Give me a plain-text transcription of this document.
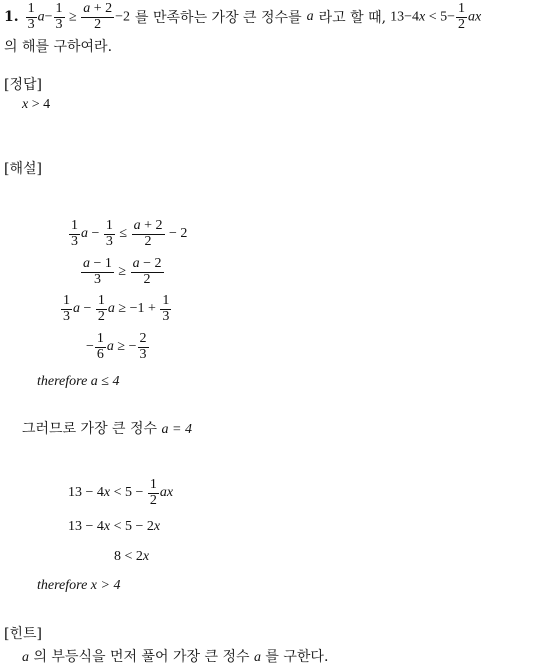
1. $\frac{1}{3} a- \frac{1}{3} \ge \frac{a + 2}{2} -2$ 를 만족하는 가장 큰 정수를 a 라고 할 때, $13-4x < 5- \frac{1}{2}$ ax
의 해를 구하여라.
[정답]
x > 4
[해설]
$\frac{1}{3}$ $a - \frac{1}{3} \le \frac{a + 2}{2} - 2$
$\frac{a - 1}{3} \ge \frac{a - 2}{2}$
$\frac{1}{3}$ $a - \frac{1}{2}$ $a \ge -1 + \frac{1}{3}$
− $\frac{1}{6}$ a ≥ − $\frac{2}{3}$
therefore a ≤ 4
그러므로 가장 큰 정수 a = 4
13 − 4 $x < 5 - \frac{1}{2}$ ax
13 − 4x < 5 − 2x
8 < 2x
therefore x > 4
[힌트]
a 의 부등식을 먼저 풀어 가장 큰 정수 a 를 구한다.
